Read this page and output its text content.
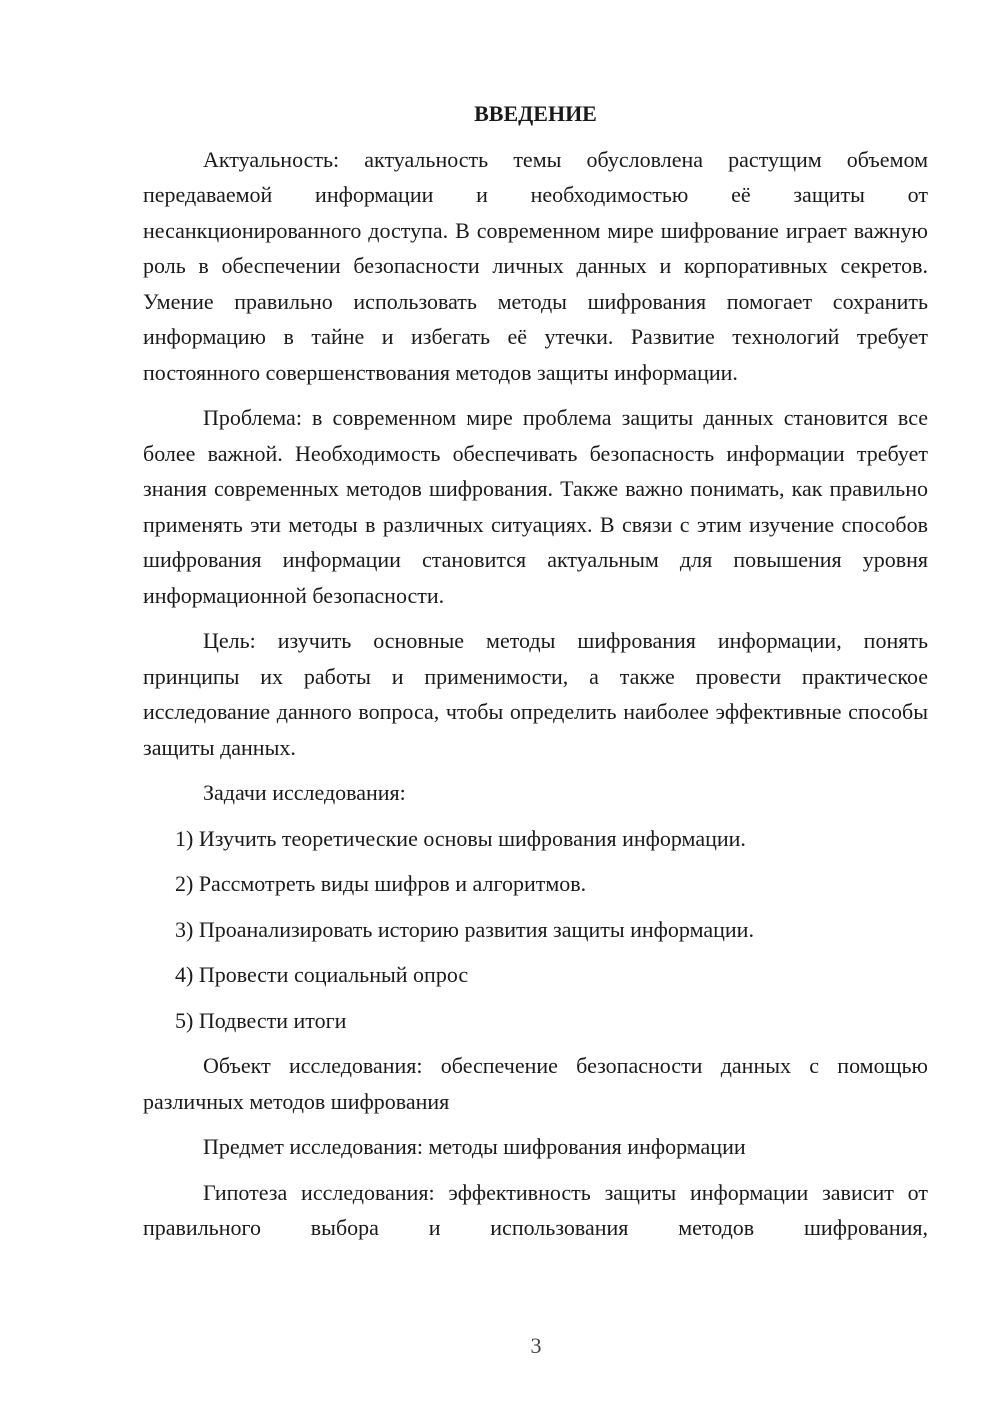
ВВЕДЕНИЕ

Актуальность: актуальность темы обусловлена растущим объемом передаваемой информации и необходимостью её защиты от несанкционированного доступа. В современном мире шифрование играет важную роль в обеспечении безопасности личных данных и корпоративных секретов. Умение правильно использовать методы шифрования помогает сохранить информацию в тайне и избегать её утечки. Развитие технологий требует постоянного совершенствования методов защиты информации.

Проблема: в современном мире проблема защиты данных становится все более важной. Необходимость обеспечивать безопасность информации требует знания современных методов шифрования. Также важно понимать, как правильно применять эти методы в различных ситуациях. В связи с этим изучение способов шифрования информации становится актуальным для повышения уровня информационной безопасности.

Цель: изучить основные методы шифрования информации, понять принципы их работы и применимости, а также провести практическое исследование данного вопроса, чтобы определить наиболее эффективные способы защиты данных.

Задачи исследования:

1) Изучить теоретические основы шифрования информации.

2) Рассмотреть виды шифров и алгоритмов.

3) Проанализировать историю развития защиты информации.

4) Провести социальный опрос

5) Подвести итоги

Объект исследования: обеспечение безопасности данных с помощью различных методов шифрования

Предмет исследования: методы шифрования информации

Гипотеза исследования: эффективность защиты информации зависит от правильного выбора и использования методов шифрования,

3
